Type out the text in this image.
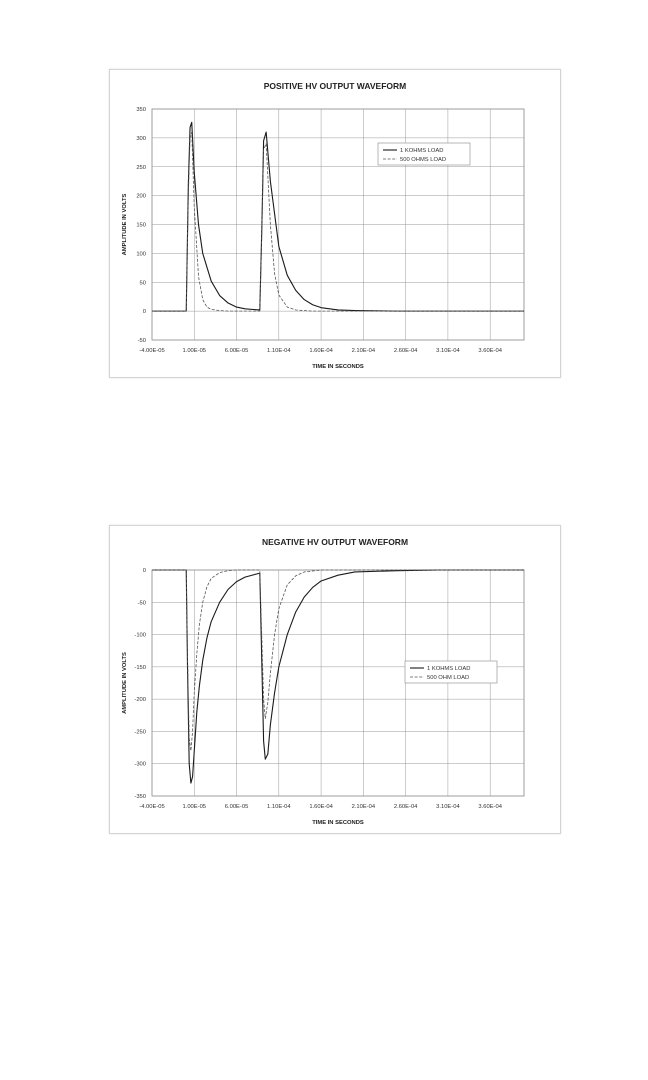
POSITIVE HV OUTPUT WAVEFORM
-4.00E-05	1.00E-05	6.00E-05	1.10E-04	1.60E-04	2.10E-04	2.60E-04	3.10E-04	3.60E-04
-50
0
50
100
150
200
250
300
350
TIME IN SECONDS
AMPLITUDE IN VOLTS
1 KOHMS LOAD
500 OHMS LOAD
NEGATIVE HV OUTPUT WAVEFORM
-4.00E-05	1.00E-05	6.00E-05	1.10E-04	1.60E-04	2.10E-04	2.60E-04	3.10E-04	3.60E-04
-350
-300
-250
-200
-150
-100
-50
0
TIME IN SECONDS
AMPLITUDE IN VOLTS	1 KOHMS LOAD
500 OHM LOAD
